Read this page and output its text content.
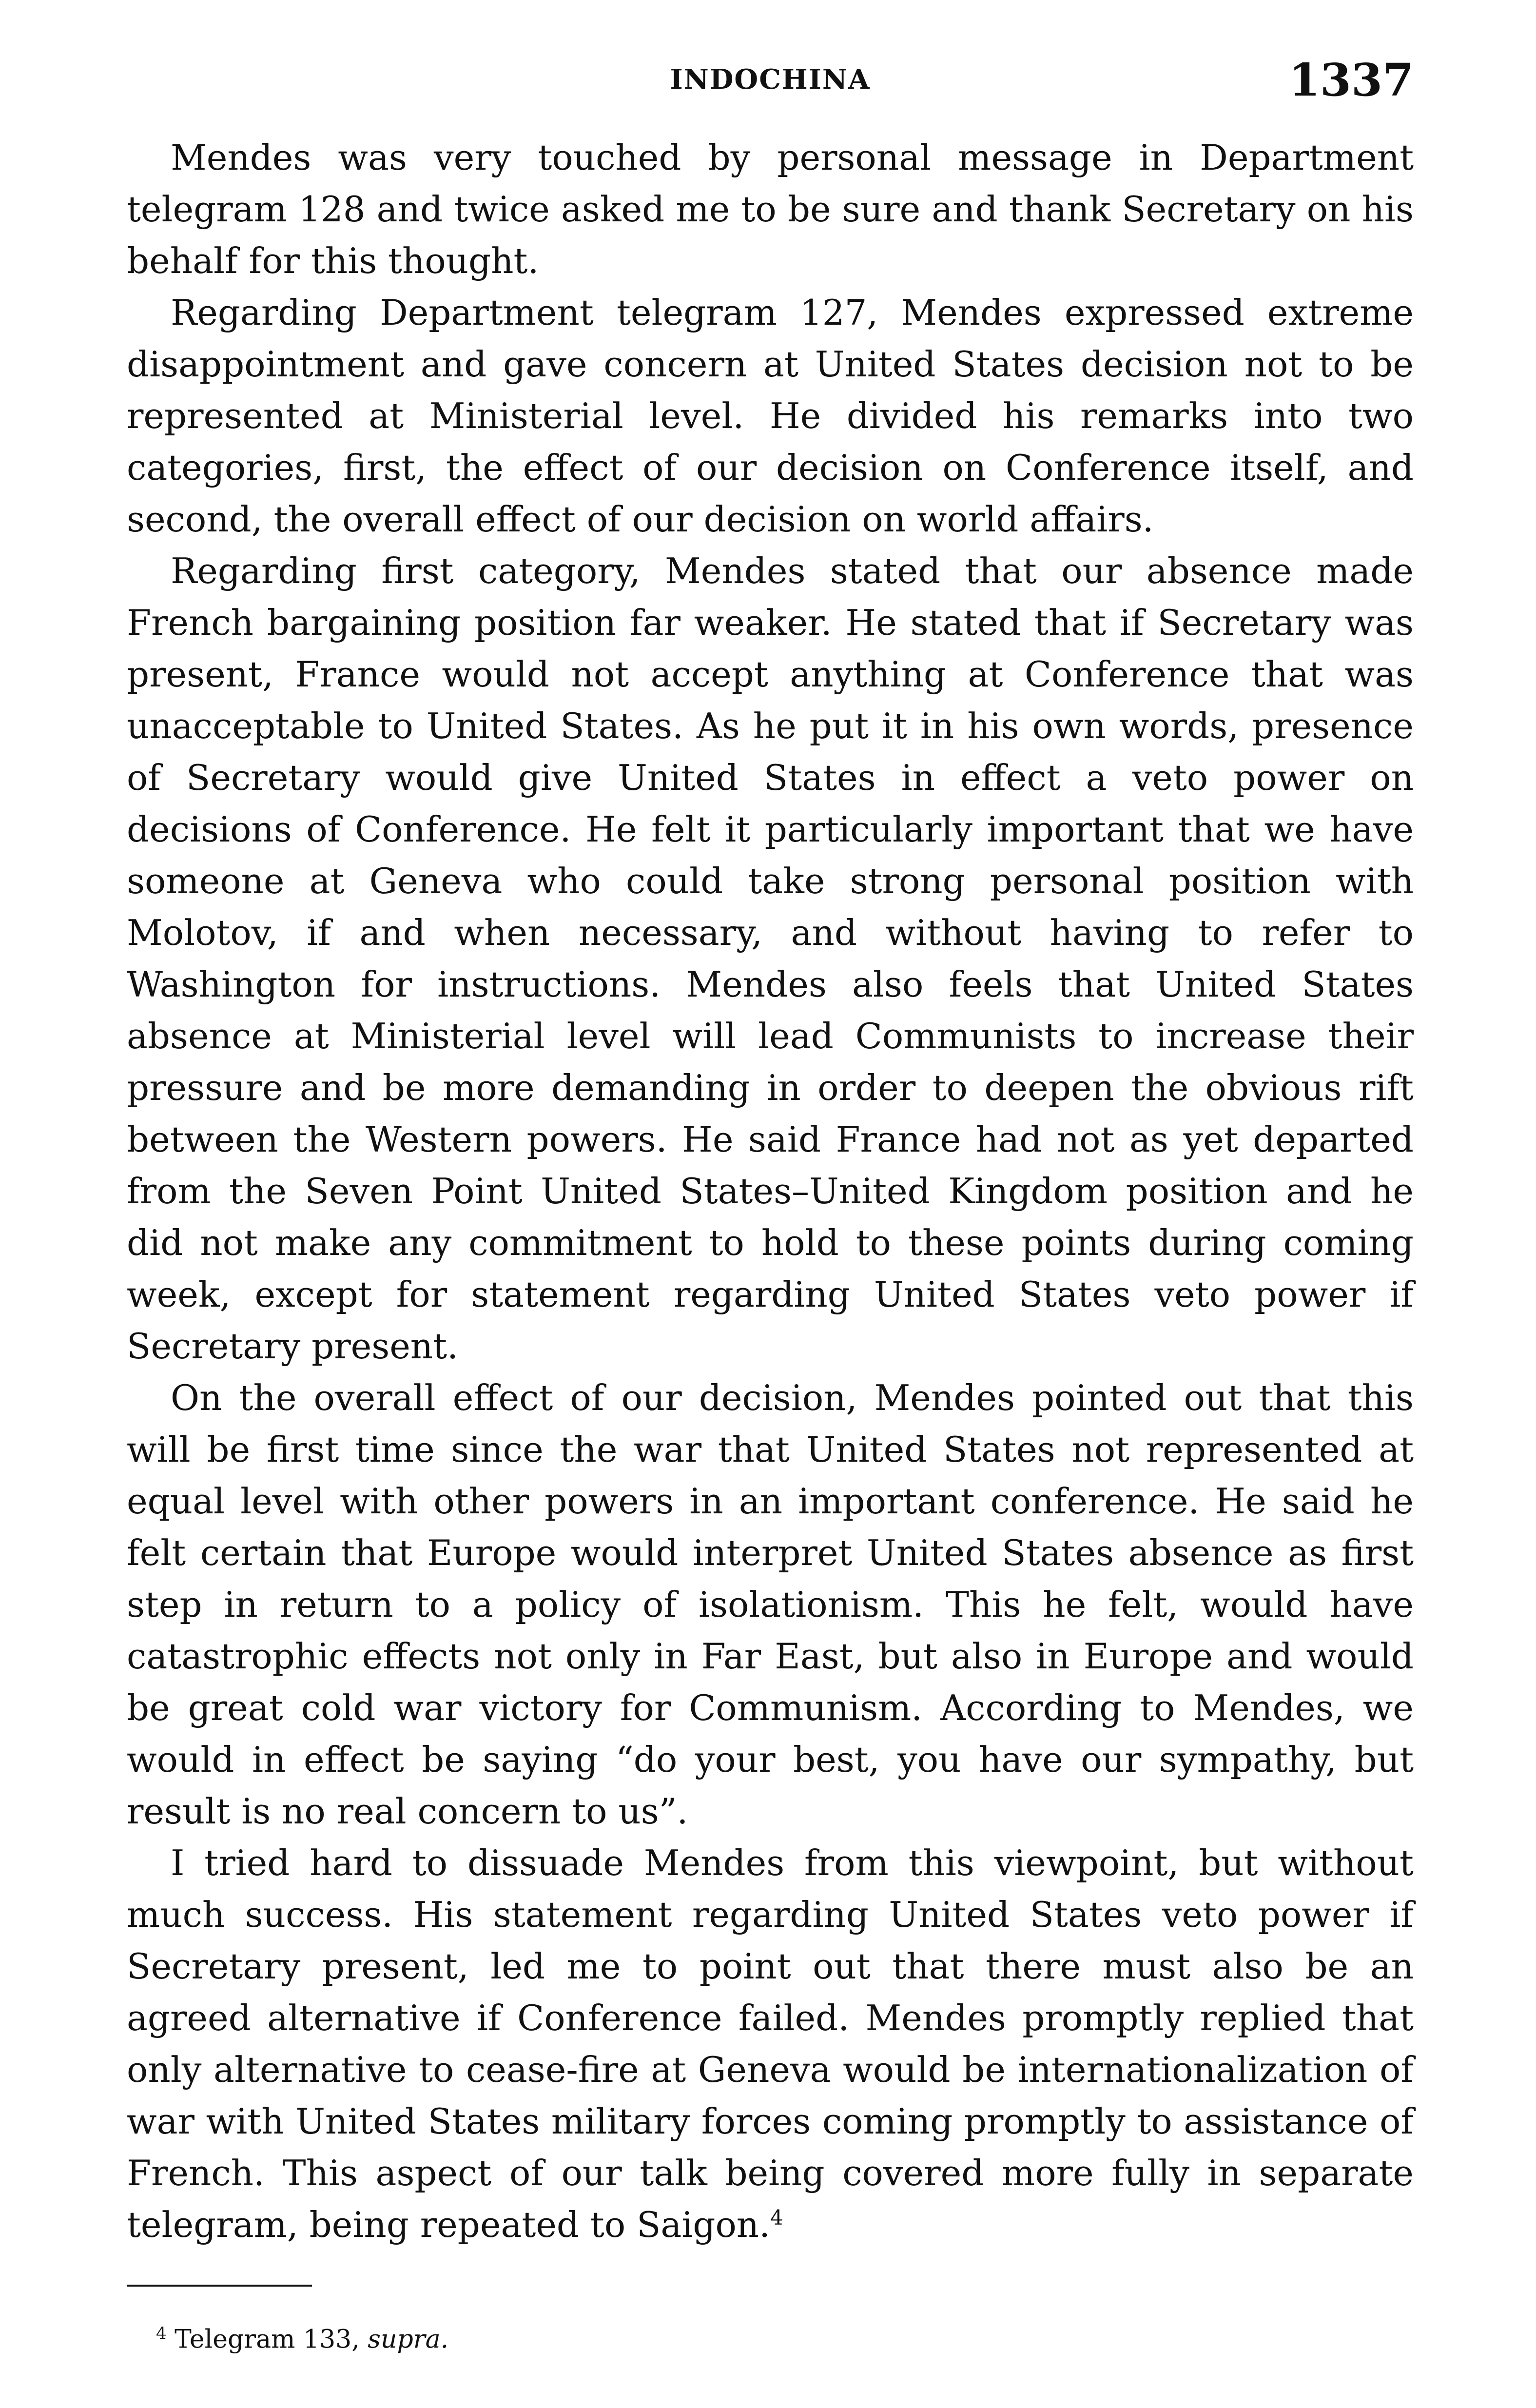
INDOCHINA	1337

Mendes was very touched by personal message in Department telegram 128 and twice asked me to be sure and thank Secretary on his behalf for this thought.

Regarding Department telegram 127, Mendes expressed extreme disappointment and gave concern at United States decision not to be represented at Ministerial level. He divided his remarks into two categories, first, the effect of our decision on Conference itself, and second, the overall effect of our decision on world affairs.

Regarding first category, Mendes stated that our absence made French bargaining position far weaker. He stated that if Secretary was present, France would not accept anything at Conference that was unacceptable to United States. As he put it in his own words, presence of Secretary would give United States in effect a veto power on decisions of Conference. He felt it particularly important that we have someone at Geneva who could take strong personal position with Molotov, if and when necessary, and without having to refer to Washington for instructions. Mendes also feels that United States absence at Ministerial level will lead Communists to increase their pressure and be more demanding in order to deepen the obvious rift between the Western powers. He said France had not as yet departed from the Seven Point United States–United Kingdom position and he did not make any commitment to hold to these points during coming week, except for statement regarding United States veto power if Secretary present.

On the overall effect of our decision, Mendes pointed out that this will be first time since the war that United States not represented at equal level with other powers in an important conference. He said he felt certain that Europe would interpret United States absence as first step in return to a policy of isolationism. This he felt, would have catastrophic effects not only in Far East, but also in Europe and would be great cold war victory for Communism. According to Mendes, we would in effect be saying “do your best, you have our sympathy, but result is no real concern to us”.

I tried hard to dissuade Mendes from this viewpoint, but without much success. His statement regarding United States veto power if Secretary present, led me to point out that there must also be an agreed alternative if Conference failed. Mendes promptly replied that only alternative to cease-fire at Geneva would be internationalization of war with United States military forces coming promptly to assistance of French. This aspect of our talk being covered more fully in separate telegram, being repeated to Saigon.$^4$

$^4$ Telegram 133, supra.
